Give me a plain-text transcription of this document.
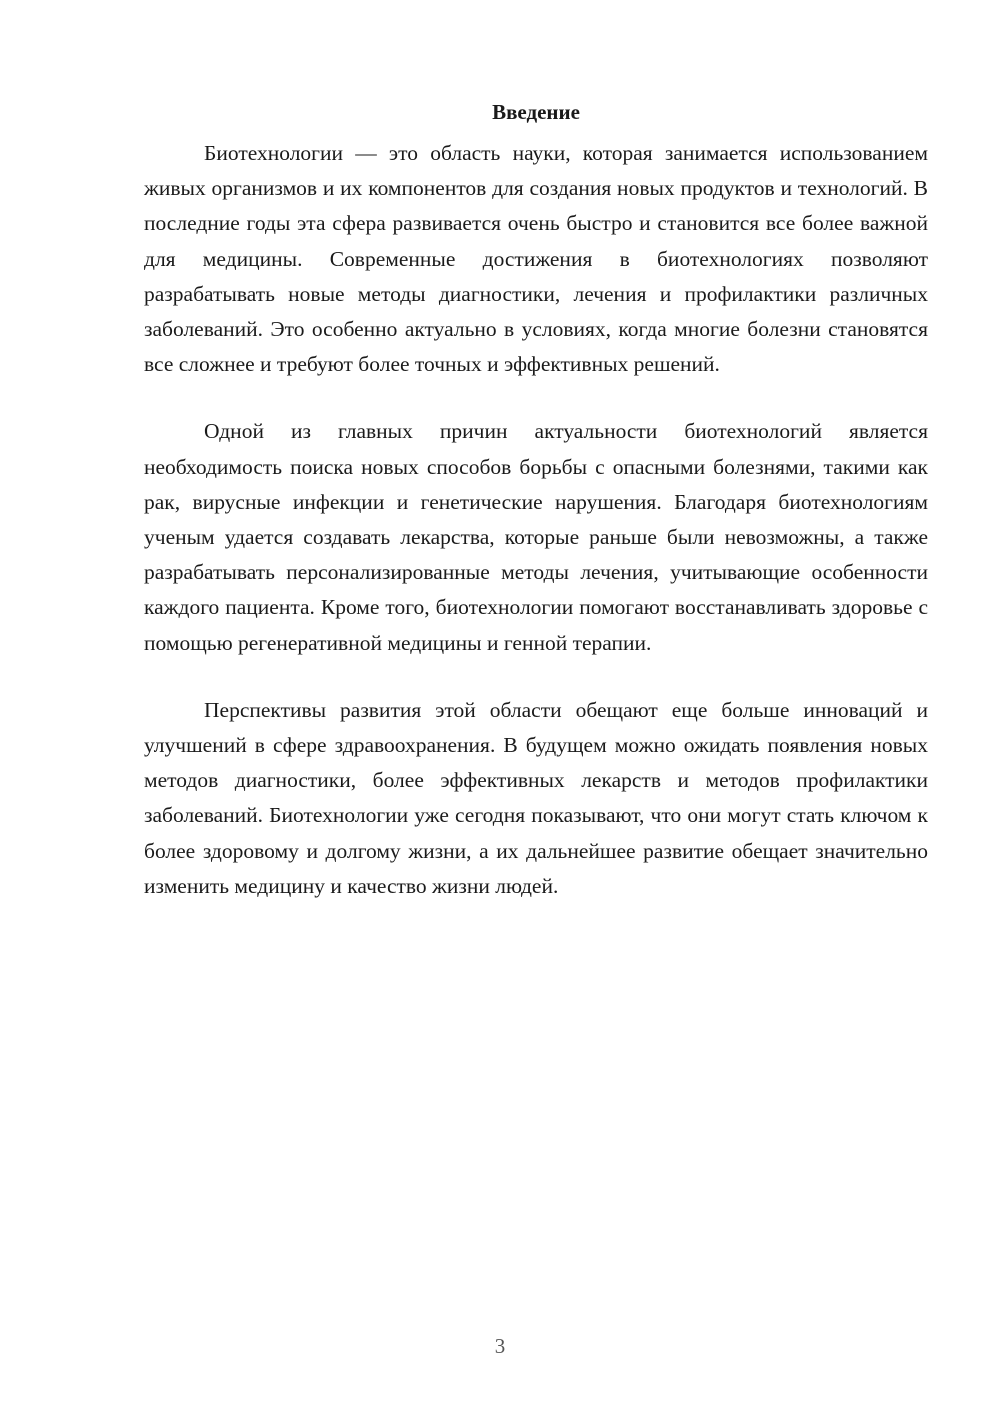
Введение

Биотехнологии — это область науки, которая занимается использованием живых организмов и их компонентов для создания новых продуктов и технологий. В последние годы эта сфера развивается очень быстро и становится все более важной для медицины. Современные достижения в биотехнологиях позволяют разрабатывать новые методы диагностики, лечения и профилактики различных заболеваний. Это особенно актуально в условиях, когда многие болезни становятся все сложнее и требуют более точных и эффективных решений.

Одной из главных причин актуальности биотехнологий является необходимость поиска новых способов борьбы с опасными болезнями, такими как рак, вирусные инфекции и генетические нарушения. Благодаря биотехнологиям ученым удается создавать лекарства, которые раньше были невозможны, а также разрабатывать персонализированные методы лечения, учитывающие особенности каждого пациента. Кроме того, биотехнологии помогают восстанавливать здоровье с помощью регенеративной медицины и генной терапии.

Перспективы развития этой области обещают еще больше инноваций и улучшений в сфере здравоохранения. В будущем можно ожидать появления новых методов диагностики, более эффективных лекарств и методов профилактики заболеваний. Биотехнологии уже сегодня показывают, что они могут стать ключом к более здоровому и долгому жизни, а их дальнейшее развитие обещает значительно изменить медицину и качество жизни людей.

3
